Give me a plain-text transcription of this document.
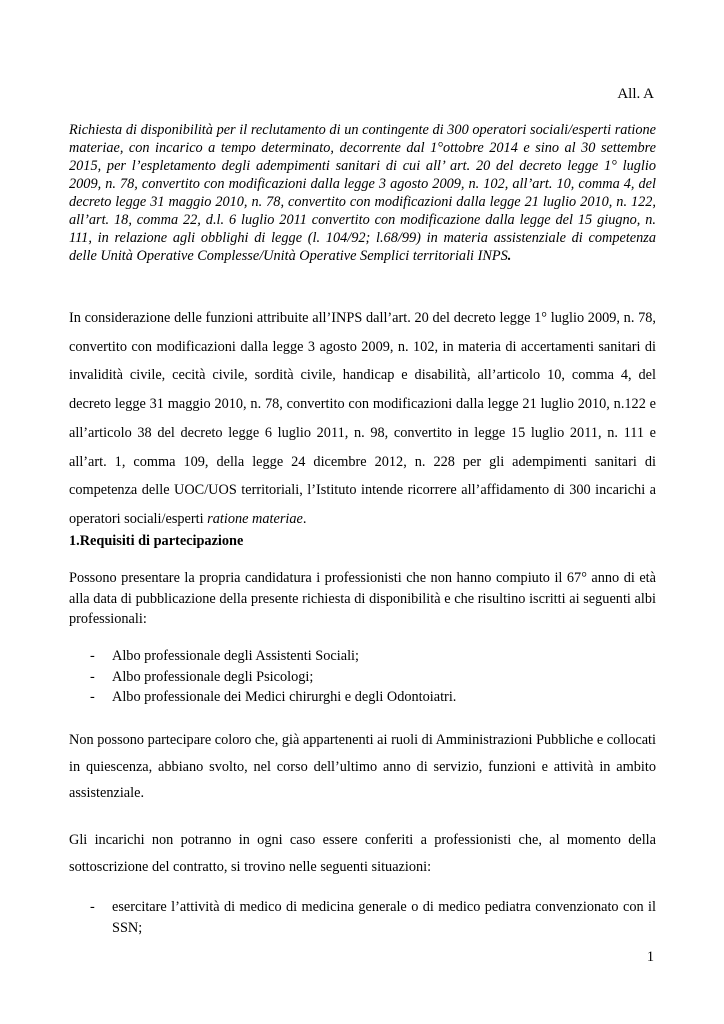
All. A

Richiesta di disponibilità per il reclutamento di un contingente di 300 operatori sociali/esperti ratione materiae, con incarico a tempo determinato, decorrente dal 1°ottobre 2014 e sino al 30 settembre 2015, per l’espletamento degli adempimenti sanitari di cui all’ art. 20 del decreto legge 1° luglio 2009, n. 78, convertito con modificazioni dalla legge 3 agosto 2009, n. 102, all’art. 10, comma 4, del decreto legge 31 maggio 2010, n. 78, convertito con modificazioni dalla legge 21 luglio 2010, n. 122, all’art. 18, comma 22, d.l. 6 luglio 2011 convertito con modificazione dalla legge del 15 giugno, n. 111, in relazione agli obblighi di legge (l. 104/92; l.68/99) in materia assistenziale di competenza delle Unità Operative Complesse/Unità Operative Semplici territoriali INPS.

In considerazione delle funzioni attribuite all’INPS dall’art. 20 del decreto legge 1° luglio 2009, n. 78, convertito con modificazioni dalla legge 3 agosto 2009, n. 102, in materia di accertamenti sanitari di invalidità civile, cecità civile, sordità civile, handicap e disabilità, all’articolo 10, comma 4, del decreto legge 31 maggio 2010, n. 78, convertito con modificazioni dalla legge 21 luglio 2010, n.122 e all’articolo 38 del decreto legge 6 luglio 2011, n. 98, convertito in legge 15 luglio 2011, n. 111 e all’art. 1, comma 109, della legge 24 dicembre 2012, n. 228 per gli adempimenti sanitari di competenza delle UOC/UOS territoriali, l’Istituto intende ricorrere all’affidamento di 300 incarichi a operatori sociali/esperti ratione materiae.

1.Requisiti di partecipazione

Possono presentare la propria candidatura i professionisti che non hanno compiuto il 67° anno di età alla data di pubblicazione della presente richiesta di disponibilità e che risultino iscritti ai seguenti albi professionali:

- Albo professionale degli Assistenti Sociali;
- Albo professionale degli Psicologi;
- Albo professionale dei Medici chirurghi e degli Odontoiatri.

Non possono partecipare coloro che, già appartenenti ai ruoli di Amministrazioni Pubbliche e collocati in quiescenza, abbiano svolto, nel corso dell’ultimo anno di servizio, funzioni e attività in ambito assistenziale.

Gli incarichi non potranno in ogni caso essere conferiti a professionisti che, al momento della sottoscrizione del contratto, si trovino nelle seguenti situazioni:

- esercitare l’attività di medico di medicina generale o di medico pediatra convenzionato con il SSN;
1
